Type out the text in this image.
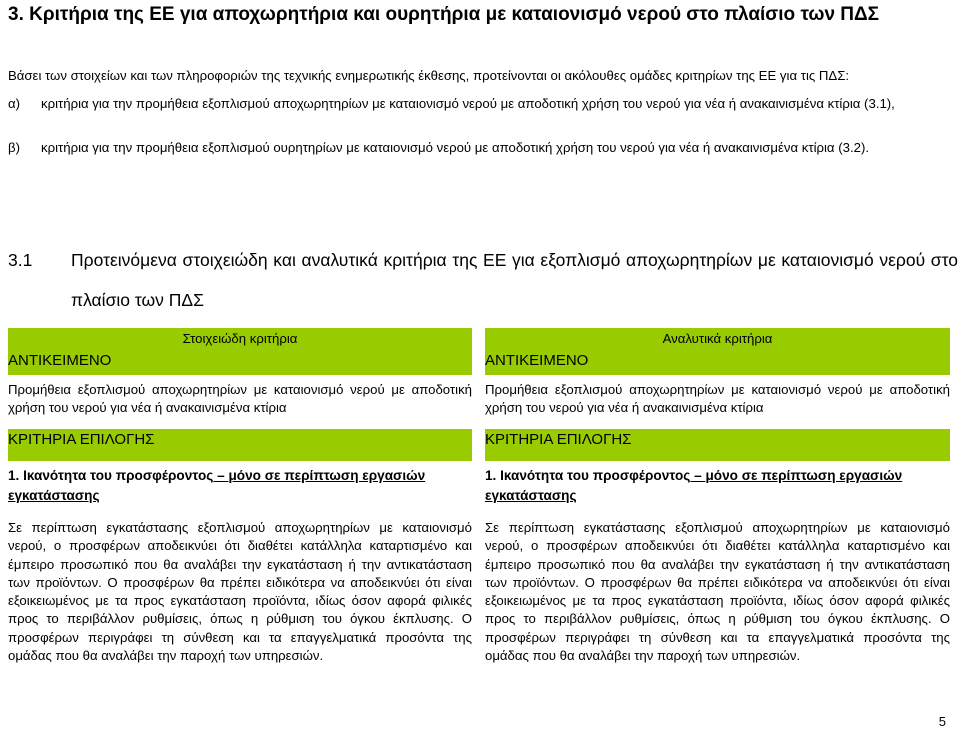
3. Κριτήρια της ΕΕ για αποχωρητήρια και ουρητήρια με καταιονισμό νερού στο πλαίσιο των ΠΔΣ
Βάσει των στοιχείων και των πληροφοριών της τεχνικής ενημερωτικής έκθεσης, προτείνονται οι ακόλουθες ομάδες κριτηρίων της ΕΕ για τις ΠΔΣ:
α) κριτήρια για την προμήθεια εξοπλισμού αποχωρητηρίων με καταιονισμό νερού με αποδοτική χρήση του νερού για νέα ή ανακαινισμένα κτίρια (3.1),
β) κριτήρια για την προμήθεια εξοπλισμού ουρητηρίων με καταιονισμό νερού με αποδοτική χρήση του νερού για νέα ή ανακαινισμένα κτίρια (3.2).
3.1 Προτεινόμενα στοιχειώδη και αναλυτικά κριτήρια της ΕΕ για εξοπλισμό αποχωρητηρίων με καταιονισμό νερού στο πλαίσιο των ΠΔΣ
Στοιχειώδη κριτήρια
ΑΝΤΙΚΕΙΜΕΝΟ
Προμήθεια εξοπλισμού αποχωρητηρίων με καταιονισμό νερού με αποδοτική χρήση του νερού για νέα ή ανακαινισμένα κτίρια
ΚΡΙΤΗΡΙΑ ΕΠΙΛΟΓΗΣ
1. Ικανότητα του προσφέροντος – μόνο σε περίπτωση εργασιών εγκατάστασης
Σε περίπτωση εγκατάστασης εξοπλισμού αποχωρητηρίων με καταιονισμό νερού, ο προσφέρων αποδεικνύει ότι διαθέτει κατάλληλα καταρτισμένο και έμπειρο προσωπικό που θα αναλάβει την εγκατάσταση ή την αντικατάσταση των προϊόντων. Ο προσφέρων θα πρέπει ειδικότερα να αποδεικνύει ότι είναι εξοικειωμένος με τα προς εγκατάσταση προϊόντα, ιδίως όσον αφορά φιλικές προς το περιβάλλον ρυθμίσεις, όπως η ρύθμιση του όγκου έκπλυσης. Ο προσφέρων περιγράφει τη σύνθεση και τα επαγγελματικά προσόντα της ομάδας που θα αναλάβει την παροχή των υπηρεσιών.
Αναλυτικά κριτήρια
ΑΝΤΙΚΕΙΜΕΝΟ
Προμήθεια εξοπλισμού αποχωρητηρίων με καταιονισμό νερού με αποδοτική χρήση του νερού για νέα ή ανακαινισμένα κτίρια
ΚΡΙΤΗΡΙΑ ΕΠΙΛΟΓΗΣ
1. Ικανότητα του προσφέροντος – μόνο σε περίπτωση εργασιών εγκατάστασης
Σε περίπτωση εγκατάστασης εξοπλισμού αποχωρητηρίων με καταιονισμό νερού, ο προσφέρων αποδεικνύει ότι διαθέτει κατάλληλα καταρτισμένο και έμπειρο προσωπικό που θα αναλάβει την εγκατάσταση ή την αντικατάσταση των προϊόντων. Ο προσφέρων θα πρέπει ειδικότερα να αποδεικνύει ότι είναι εξοικειωμένος με τα προς εγκατάσταση προϊόντα, ιδίως όσον αφορά φιλικές προς το περιβάλλον ρυθμίσεις, όπως η ρύθμιση του όγκου έκπλυσης. Ο προσφέρων περιγράφει τη σύνθεση και τα επαγγελματικά προσόντα της ομάδας που θα αναλάβει την παροχή των υπηρεσιών.
5
